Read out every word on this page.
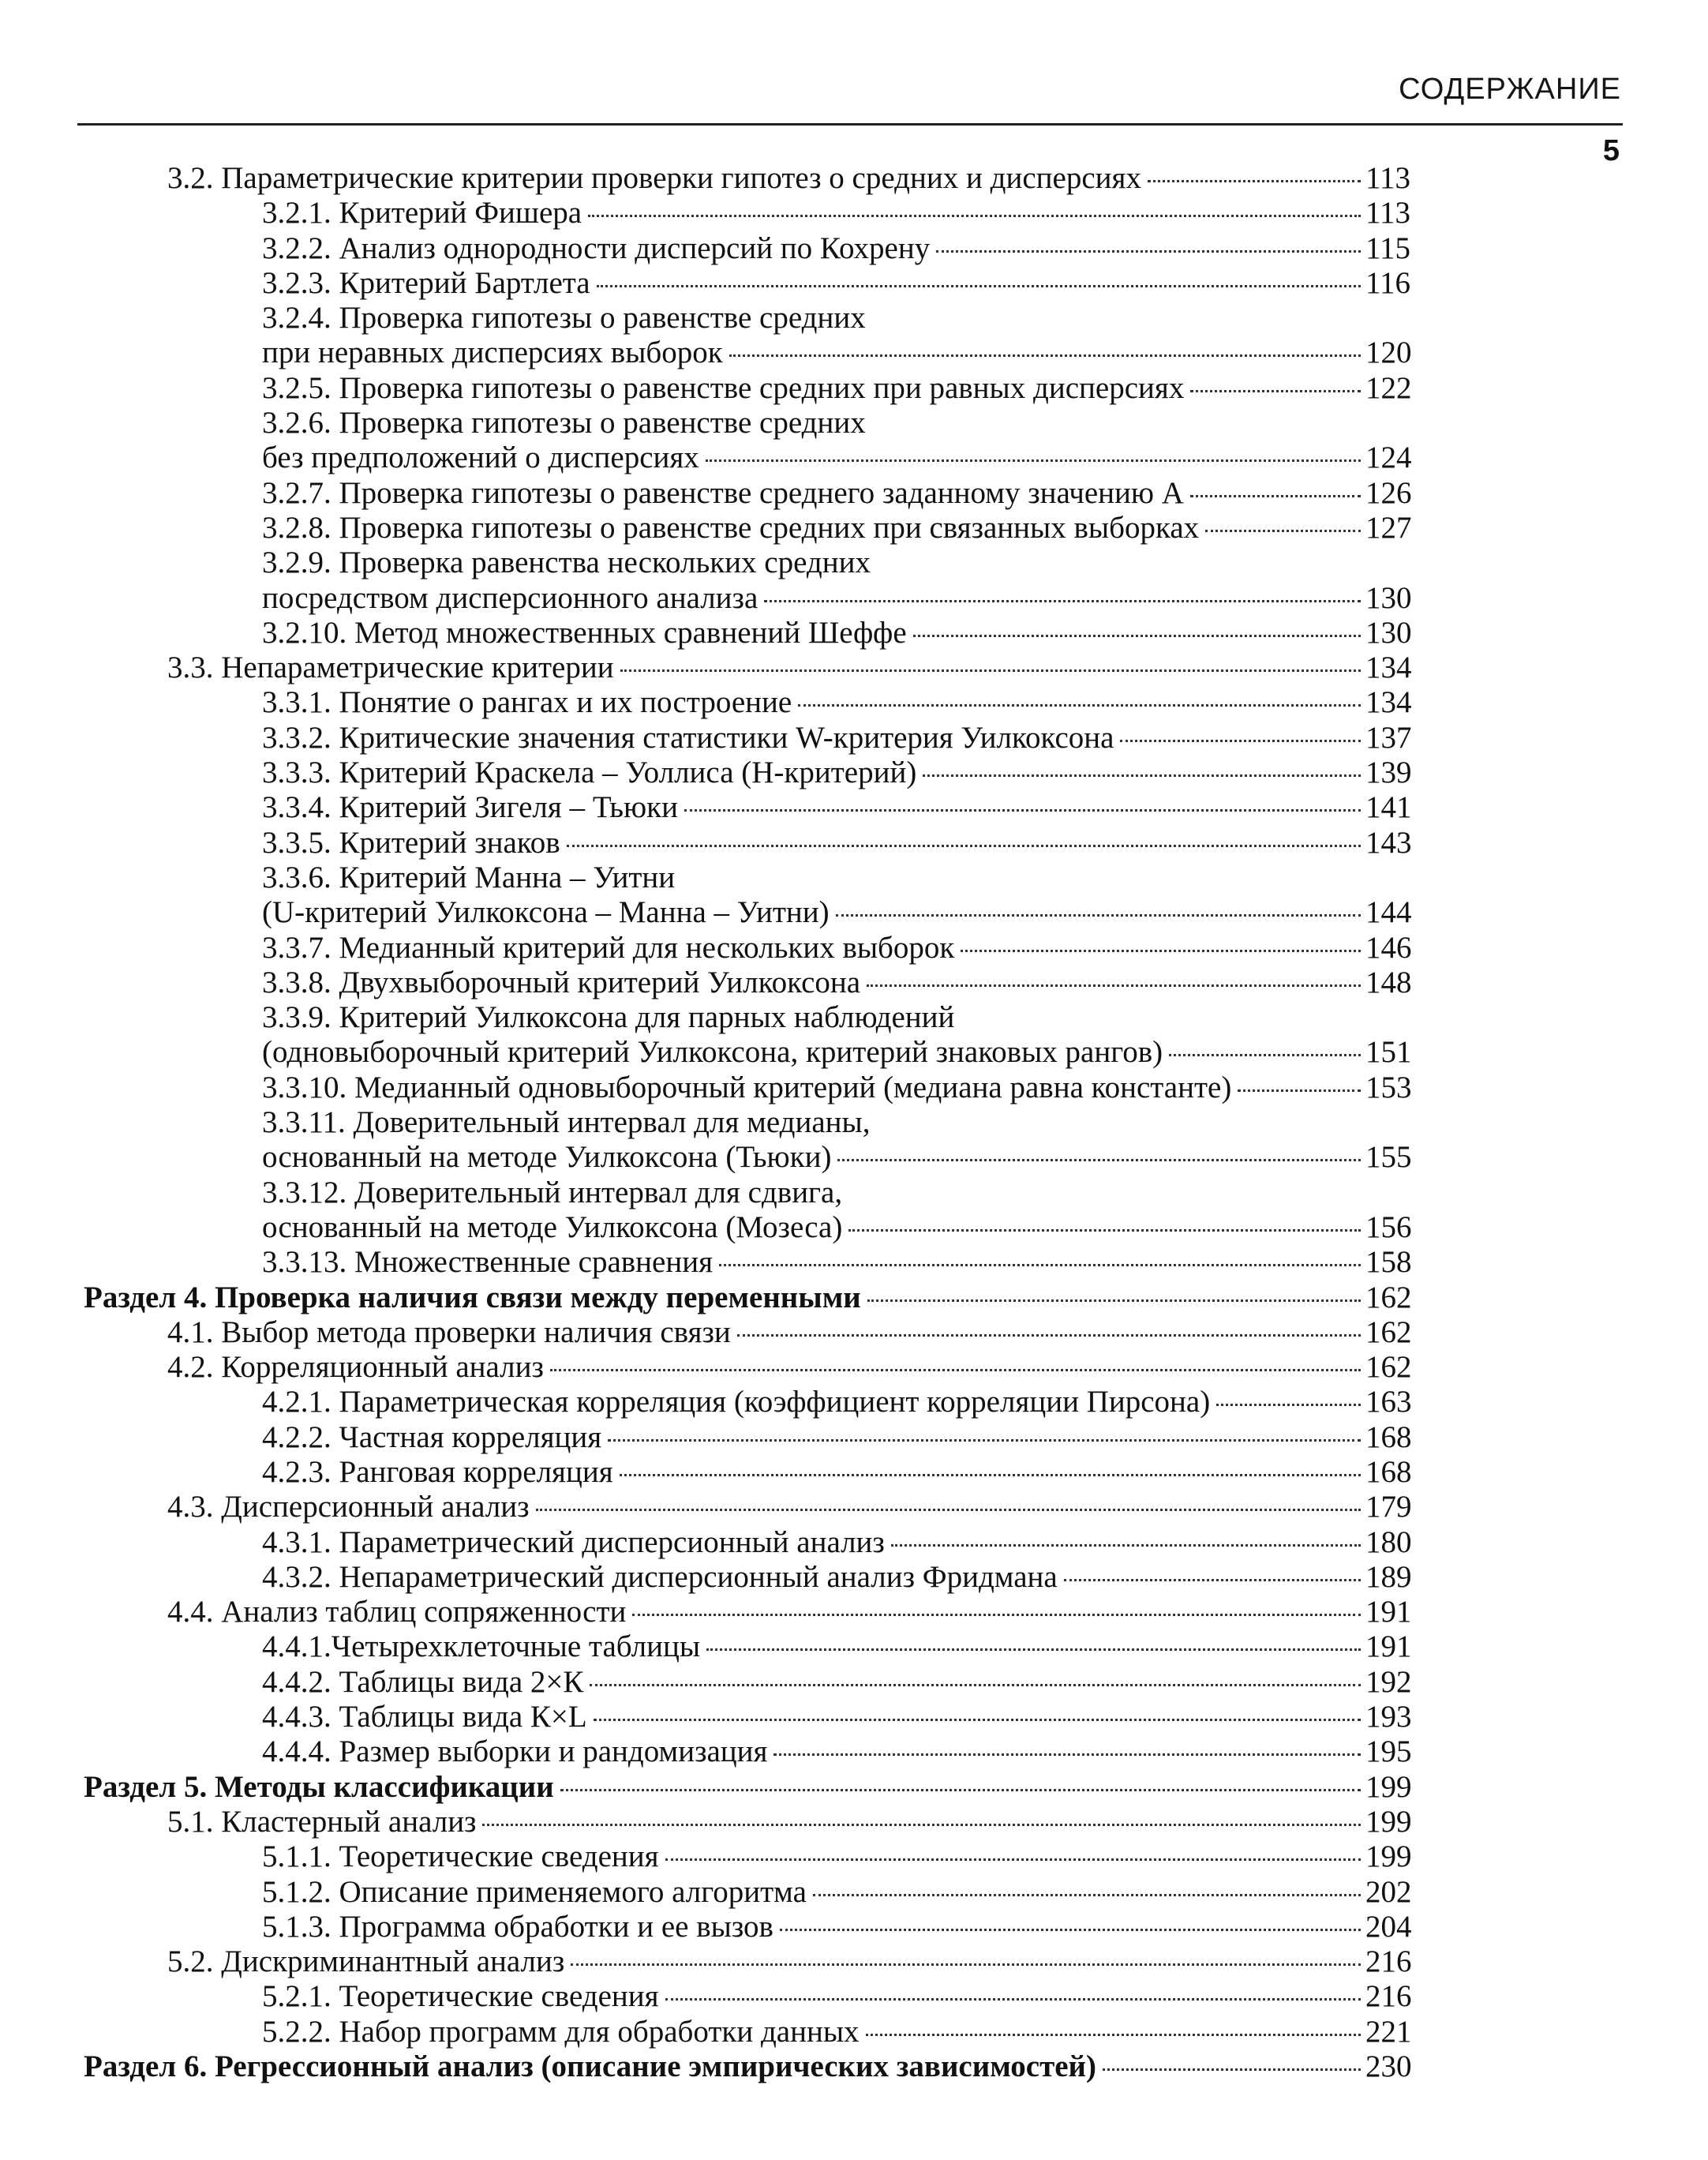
СОДЕРЖАНИЕ
5
3.2. Параметрические критерии проверки гипотез о средних и дисперсиях	113
3.2.1. Критерий Фишера	113
3.2.2. Анализ однородности дисперсий по Кохрену	115
3.2.3. Критерий Бартлета	116
3.2.4. Проверка гипотезы о равенстве средних
при неравных дисперсиях выборок	120
3.2.5. Проверка гипотезы о равенстве средних при равных дисперсиях	122
3.2.6. Проверка гипотезы о равенстве средних
без предположений о дисперсиях	124
3.2.7. Проверка гипотезы о равенстве среднего заданному значению А	126
3.2.8. Проверка гипотезы о равенстве средних при связанных выборках	127
3.2.9. Проверка равенства нескольких средних
посредством дисперсионного анализа	130
3.2.10. Метод множественных сравнений Шеффе	130
3.3. Непараметрические критерии	134
3.3.1. Понятие о рангах и их построение	134
3.3.2. Критические значения статистики W-критерия Уилкоксона	137
3.3.3. Критерий Краскела – Уоллиса (H-критерий)	139
3.3.4. Критерий Зигеля – Тьюки	141
3.3.5. Критерий знаков	143
3.3.6. Критерий Манна – Уитни
(U-критерий Уилкоксона – Манна – Уитни)	144
3.3.7. Медианный критерий для нескольких выборок	146
3.3.8. Двухвыборочный критерий Уилкоксона	148
3.3.9. Критерий Уилкоксона для парных наблюдений
(одновыборочный критерий Уилкоксона, критерий знаковых рангов)	151
3.3.10. Медианный одновыборочный критерий (медиана равна константе)	153
3.3.11. Доверительный интервал для медианы,
основанный на методе Уилкоксона (Тьюки)	155
3.3.12. Доверительный интервал для сдвига,
основанный на методе Уилкоксона (Мозеса)	156
3.3.13. Множественные сравнения	158
Раздел 4. Проверка наличия связи между переменными	162
4.1. Выбор метода проверки наличия связи	162
4.2. Корреляционный анализ	162
4.2.1. Параметрическая корреляция (коэффициент корреляции Пирсона)	163
4.2.2. Частная корреляция	168
4.2.3. Ранговая корреляция	168
4.3. Дисперсионный анализ	179
4.3.1. Параметрический дисперсионный анализ	180
4.3.2. Непараметрический дисперсионный анализ Фридмана	189
4.4. Анализ таблиц сопряженности	191
4.4.1.Четырехклеточные таблицы	191
4.4.2. Таблицы вида 2×К	192
4.4.3. Таблицы вида К×L	193
4.4.4. Размер выборки и рандомизация	195
Раздел 5. Методы классификации	199
5.1. Кластерный анализ	199
5.1.1. Теоретические сведения	199
5.1.2. Описание применяемого алгоритма	202
5.1.3. Программа обработки и ее вызов	204
5.2. Дискриминантный анализ	216
5.2.1. Теоретические сведения	216
5.2.2. Набор программ для обработки данных	221
Раздел 6. Регрессионный анализ (описание эмпирических зависимостей)	230
